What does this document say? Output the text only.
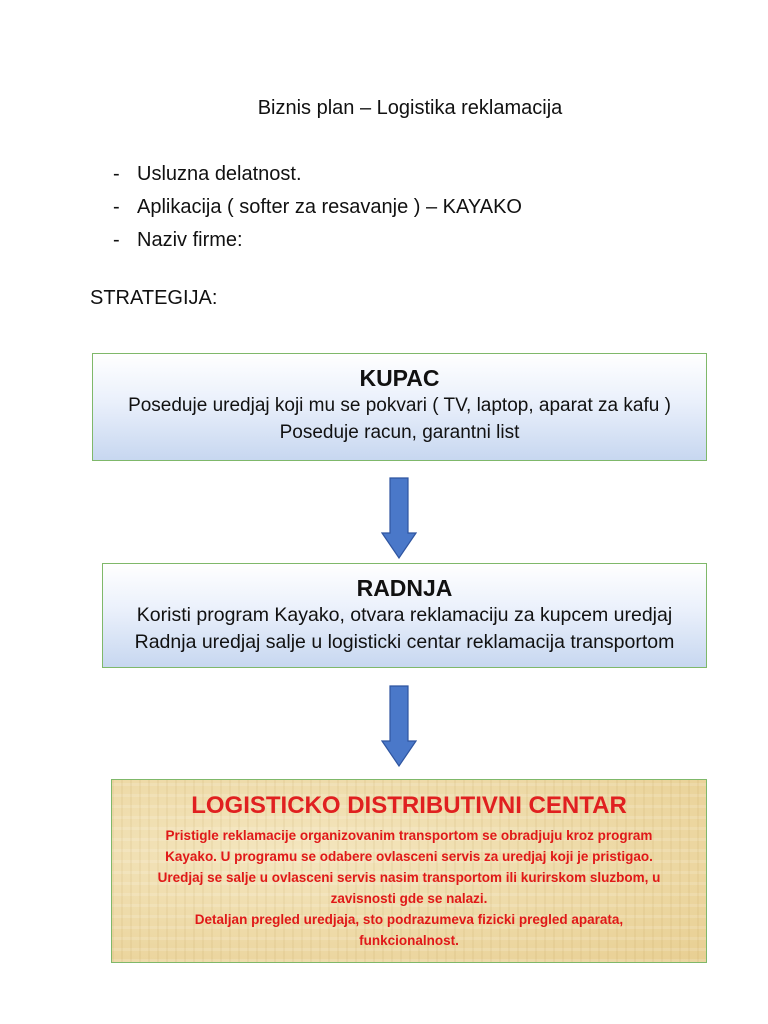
Biznis plan – Logistika reklamacija
- Usluzna delatnost.
- Aplikacija ( softer za resavanje ) – KAYAKO
- Naziv firme:

STRATEGIJA:

KUPAC

Poseduje uredjaj koji mu se pokvari ( TV, laptop, aparat za kafu )

Poseduje racun, garantni list

RADNJA

Koristi program Kayako, otvara reklamaciju za kupcem uredjaj

Radnja uredjaj salje u logisticki centar reklamacija transportom

LOGISTICKO DISTRIBUTIVNI CENTAR

Pristigle reklamacije organizovanim transportom se obradjuju kroz program

Kayako. U programu se odabere ovlasceni servis za uredjaj koji je pristigao.

Uredjaj se salje u ovlasceni servis nasim transportom ili kurirskom sluzbom, u

zavisnosti gde se nalazi.

Detaljan pregled uredjaja, sto podrazumeva fizicki pregled aparata,

funkcionalnost.
